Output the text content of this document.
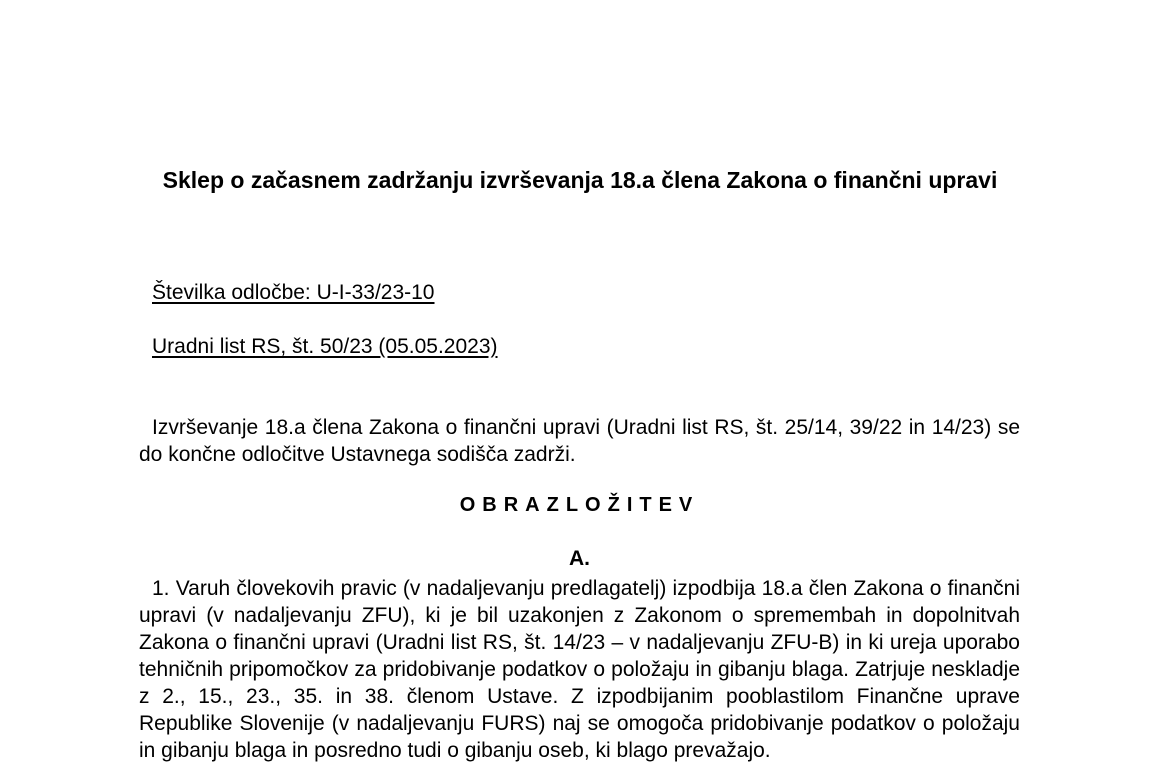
Sklep o začasnem zadržanju izvrševanja 18.a člena Zakona o finančni upravi
Številka odločbe: U-I-33/23-10
Uradni list RS, št. 50/23 (05.05.2023)
Izvrševanje 18.a člena Zakona o finančni upravi (Uradni list RS, št. 25/14, 39/22 in 14/23) se do končne odločitve Ustavnega sodišča zadrži.
OBRAZLOŽITEV
A.
1. Varuh človekovih pravic (v nadaljevanju predlagatelj) izpodbija 18.a člen Zakona o finančni upravi (v nadaljevanju ZFU), ki je bil uzakonjen z Zakonom o spremembah in dopolnitvah Zakona o finančni upravi (Uradni list RS, št. 14/23 – v nadaljevanju ZFU-B) in ki ureja uporabo tehničnih pripomočkov za pridobivanje podatkov o položaju in gibanju blaga. Zatrjuje neskladje z 2., 15., 23., 35. in 38. členom Ustave. Z izpodbijanim pooblastilom Finančne uprave Republike Slovenije (v nadaljevanju FURS) naj se omogoča pridobivanje podatkov o položaju in gibanju blaga in posredno tudi o gibanju oseb, ki blago prevažajo.
